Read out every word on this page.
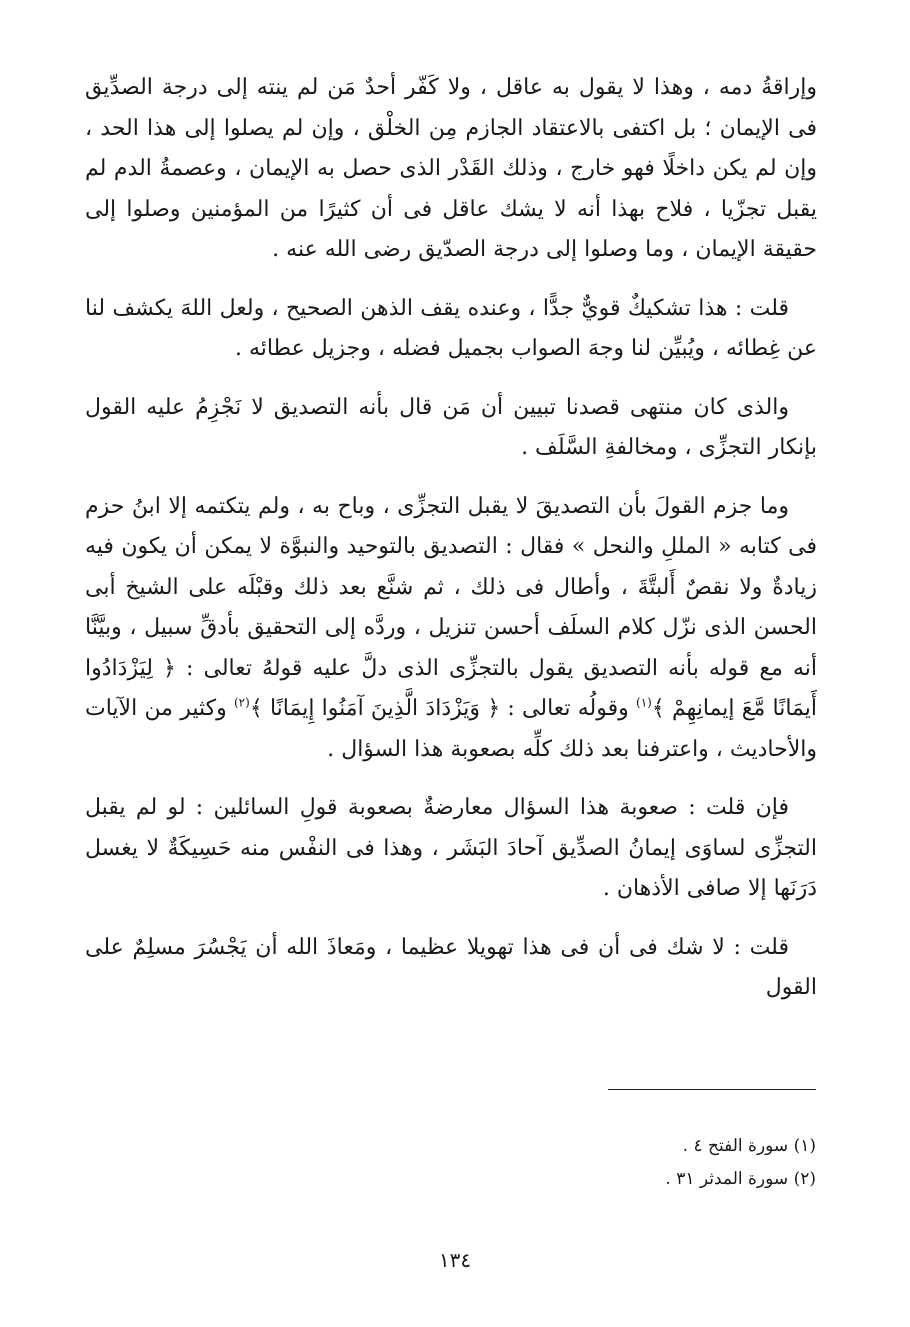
وإراقةُ دمه ، وهذا لا يقول به عاقل ، ولا كَفّر أحدٌ مَن لم ينته إلى درجة الصدِّيق فى الإيمان ؛ بل اكتفى بالاعتقاد الجازم مِن الخلْق ، وإن لم يصلوا إلى هذا الحد ، وإن لم يكن داخلًا فهو خارج ، وذلك القَدْر الذى حصل به الإيمان ، وعصمةُ الدم لم يقبل تجزّيا ، فلاح بهذا أنه لا يشك عاقل فى أن كثيرًا من المؤمنين وصلوا إلى حقيقة الإيمان ، وما وصلوا إلى درجة الصدّيق رضى الله عنه .

قلت : هذا تشكيكٌ قويٌّ جدًّا ، وعنده يقف الذهن الصحيح ، ولعل اللهَ يكشف لنا عن غِطائه ، ويُبيِّن لنا وجهَ الصواب بجميل فضله ، وجزيل عطائه .

والذى كان منتهى قصدنا تبيين أن مَن قال بأنه التصديق لا نَجْزِمُ عليه القول بإنكار التجزِّى ، ومخالفةِ السَّلَف .

وما جزم القولَ بأن التصديقَ لا يقبل التجزِّى ، وباح به ، ولم يتكتمه إلا ابنُ حزم فى كتابه « المللِ والنحل » فقال : التصديق بالتوحيد والنبوَّة لا يمكن أن يكون فيه زيادةٌ ولا نقصٌ أَلبتَّةَ ، وأطال فى ذلك ، ثم شنَّع بعد ذلك وقبْلَه على الشيخ أبى الحسن الذى نزّل كلام السلَف أحسن تنزيل ، وردَّه إلى التحقيق بأدقِّ سبيل ، وبيَّنَّا أنه مع قوله بأنه التصديق يقول بالتجزِّى الذى دلَّ عليه قولهُ تعالى : ﴿ لِيَزْدَادُوا أَيمَانًا مَّعَ إيمانِهِمْ ﴾$^{(١)}$ وقولُه تعالى : ﴿ وَيَزْدَادَ الَّذِينَ آمَنُوا إِيمَانًا ﴾$^{(٢)}$ وكثير من الآيات والأحاديث ، واعترفنا بعد ذلك كلِّه بصعوبة هذا السؤال .

فإن قلت : صعوبة هذا السؤال معارضةٌ بصعوبة قولِ السائلين : لو لم يقبل التجزِّى لساوَى إيمانُ الصدِّيق آحادَ البَشَر ، وهذا فى النفْس منه حَسِيكَةٌ لا يغسل دَرَنَها إلا صافى الأذهان .

قلت : لا شك فى أن فى هذا تهويلا عظيما ، ومَعاذَ الله أن يَجْسُرَ مسلِمٌ على القول

(١) سورة الفتح ٤ .

(٢) سورة المدثر ٣١ .

١٣٤
